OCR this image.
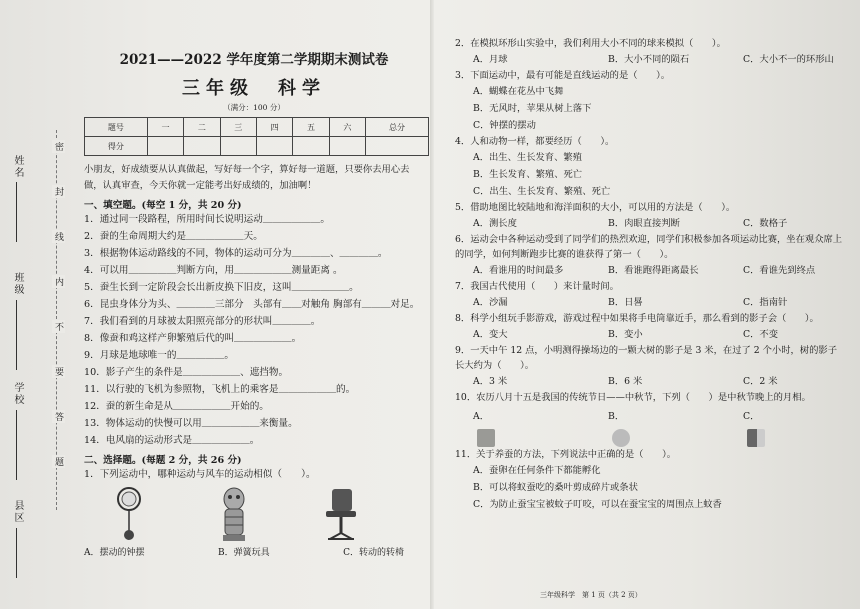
姓名
班级
学校
县区
密
封
线
内
不
要
答
题
2021——2022 学年度第二学期期末测试卷
三年级　科学
（满分：100 分）
题号	一	二	三	四	五	六	总分
得分							
小朋友，好成绩要从认真做起，写好每一个字，算好每一道题，只要你去用心去做，认真审查，今天你就一定能考出好成绩的，加油啊！
一、填空题。(每空 1 分，共 20 分)
1．通过同一段路程，所用时间长说明运动＿＿＿＿＿＿。
2．蚕的生命周期大约是＿＿＿＿＿＿天。
3．根据物体运动路线的不同，物体的运动可分为＿＿＿＿、＿＿＿＿。
4．可以用＿＿＿＿＿判断方向，用＿＿＿＿＿＿测量距离 。
5．蚕生长到一定阶段会长出新皮换下旧皮，这叫＿＿＿＿＿＿。
6．昆虫身体分为头、＿＿＿＿三部分　头部有＿＿对触角 胸部有＿＿＿对足。
7．我们看到的月球被太阳照亮部分的形状叫＿＿＿＿。
8．像蚕和鸡这样产卵繁殖后代的叫＿＿＿＿＿＿。
9．月球是地球唯一的＿＿＿＿＿。
10．影子产生的条件是＿＿＿＿＿＿、遮挡物。
11．以行驶的飞机为参照物，飞机上的乘客是＿＿＿＿＿＿的。
12．蚕的新生命是从＿＿＿＿＿＿开始的。
13．物体运动的快慢可以用＿＿＿＿＿＿来衡量。
14．电风扇的运动形式是＿＿＿＿＿＿。
二、选择题。(每题 2 分，共 26 分)
1．下列运动中，哪种运动与风车的运动相似（　　）。
A．摆动的钟摆	B．弹簧玩具	C．转动的转椅
2．在模拟环形山实验中，我们利用大小不同的球来模拟（　　）。
A．月球	B．大小不同的陨石	C．大小不一的环形山
3．下面运动中，最有可能是直线运动的是（　　）。
A．蝴蝶在花丛中飞舞
B．无风时，苹果从树上落下
C．钟摆的摆动
4．人和动物一样，都要经历（　　）。
A．出生、生长发育、繁殖
B．生长发育、繁殖、死亡
C．出生、生长发育、繁殖、死亡
5．借助地图比较陆地和海洋面积的大小，可以用的方法是（　　）。
A．测长度	B．肉眼直接判断	C．数格子
6．运动会中各种运动受到了同学们的热烈欢迎，同学们积极参加各项运动比赛，坐在观众席上的同学，如何判断跑步比赛的谁获得了第一（　　）。
A．看谁用的时间最多	B．看谁跑得距离最长	C．看谁先到终点
7．我国古代使用（　　）来计量时间。
A．沙漏	B．日晷	C．指南针
8．科学小组玩手影游戏，游戏过程中如果将手电筒靠近手，那么看到的影子会（　　）。
A．变大	B．变小	C．不变
9．一天中午 12 点，小明测得操场边的一颗大树的影子是 3 米，在过了 2 个小时，树的影子长大约为（　　）。
A．3 米	B．6 米	C．2 米
10．农历八月十五是我国的传统节日——中秋节，下列（　　）是中秋节晚上的月相。
A．	B．	C．
11．关于养蚕的方法，下列说法中正确的是（　　）。
A．蚕卵在任何条件下都能孵化
B．可以将蚁蚕吃的桑叶剪成碎片或条状
C．为防止蚕宝宝被蚊子叮咬，可以在蚕宝宝的周围点上蚊香
三年级科学　第 1 页（共 2 页）
